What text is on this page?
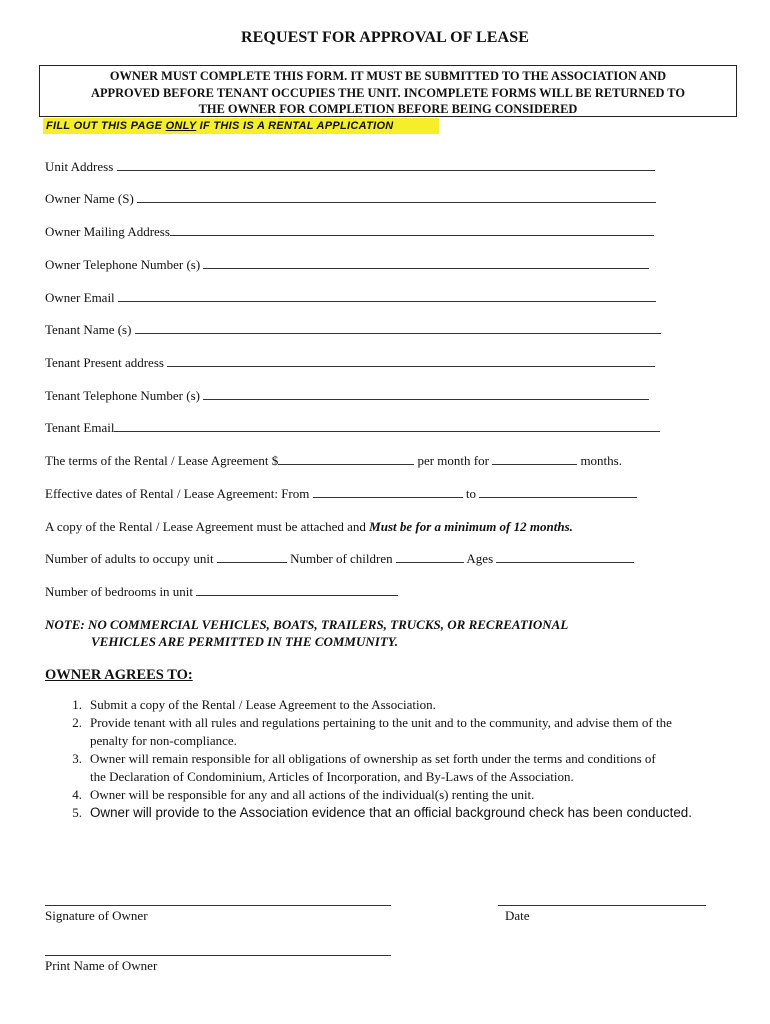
REQUEST FOR APPROVAL OF LEASE
OWNER MUST COMPLETE THIS FORM. IT MUST BE SUBMITTED TO THE ASSOCIATION AND
APPROVED BEFORE TENANT OCCUPIES THE UNIT. INCOMPLETE FORMS WILL BE RETURNED TO
THE OWNER FOR COMPLETION BEFORE BEING CONSIDERED
FILL OUT THIS PAGE ONLY IF THIS IS A RENTAL APPLICATION
Unit Address
Owner Name (S)
Owner Mailing Address
Owner Telephone Number (s)
Owner Email
Tenant Name (s)
Tenant Present address
Tenant Telephone Number (s)
Tenant Email
The terms of the Rental / Lease Agreement $	per month for	months.
Effective dates of Rental / Lease Agreement: From	to
A copy of the Rental / Lease Agreement must be attached and Must be for a minimum of 12 months.
Number of adults to occupy unit	Number of children	Ages
Number of bedrooms in unit
NOTE: NO COMMERCIAL VEHICLES, BOATS, TRAILERS, TRUCKS, OR RECREATIONAL
VEHICLES ARE PERMITTED IN THE COMMUNITY.
OWNER AGREES TO:
1. Submit a copy of the Rental / Lease Agreement to the Association.
2. Provide tenant with all rules and regulations pertaining to the unit and to the community, and advise them of the penalty for non-compliance.
3. Owner will remain responsible for all obligations of ownership as set forth under the terms and conditions of the Declaration of Condominium, Articles of Incorporation, and By-Laws of the Association.
4. Owner will be responsible for any and all actions of the individual(s) renting the unit.
5. Owner will provide to the Association evidence that an official background check has been conducted.
Signature of Owner	Date
Print Name of Owner
